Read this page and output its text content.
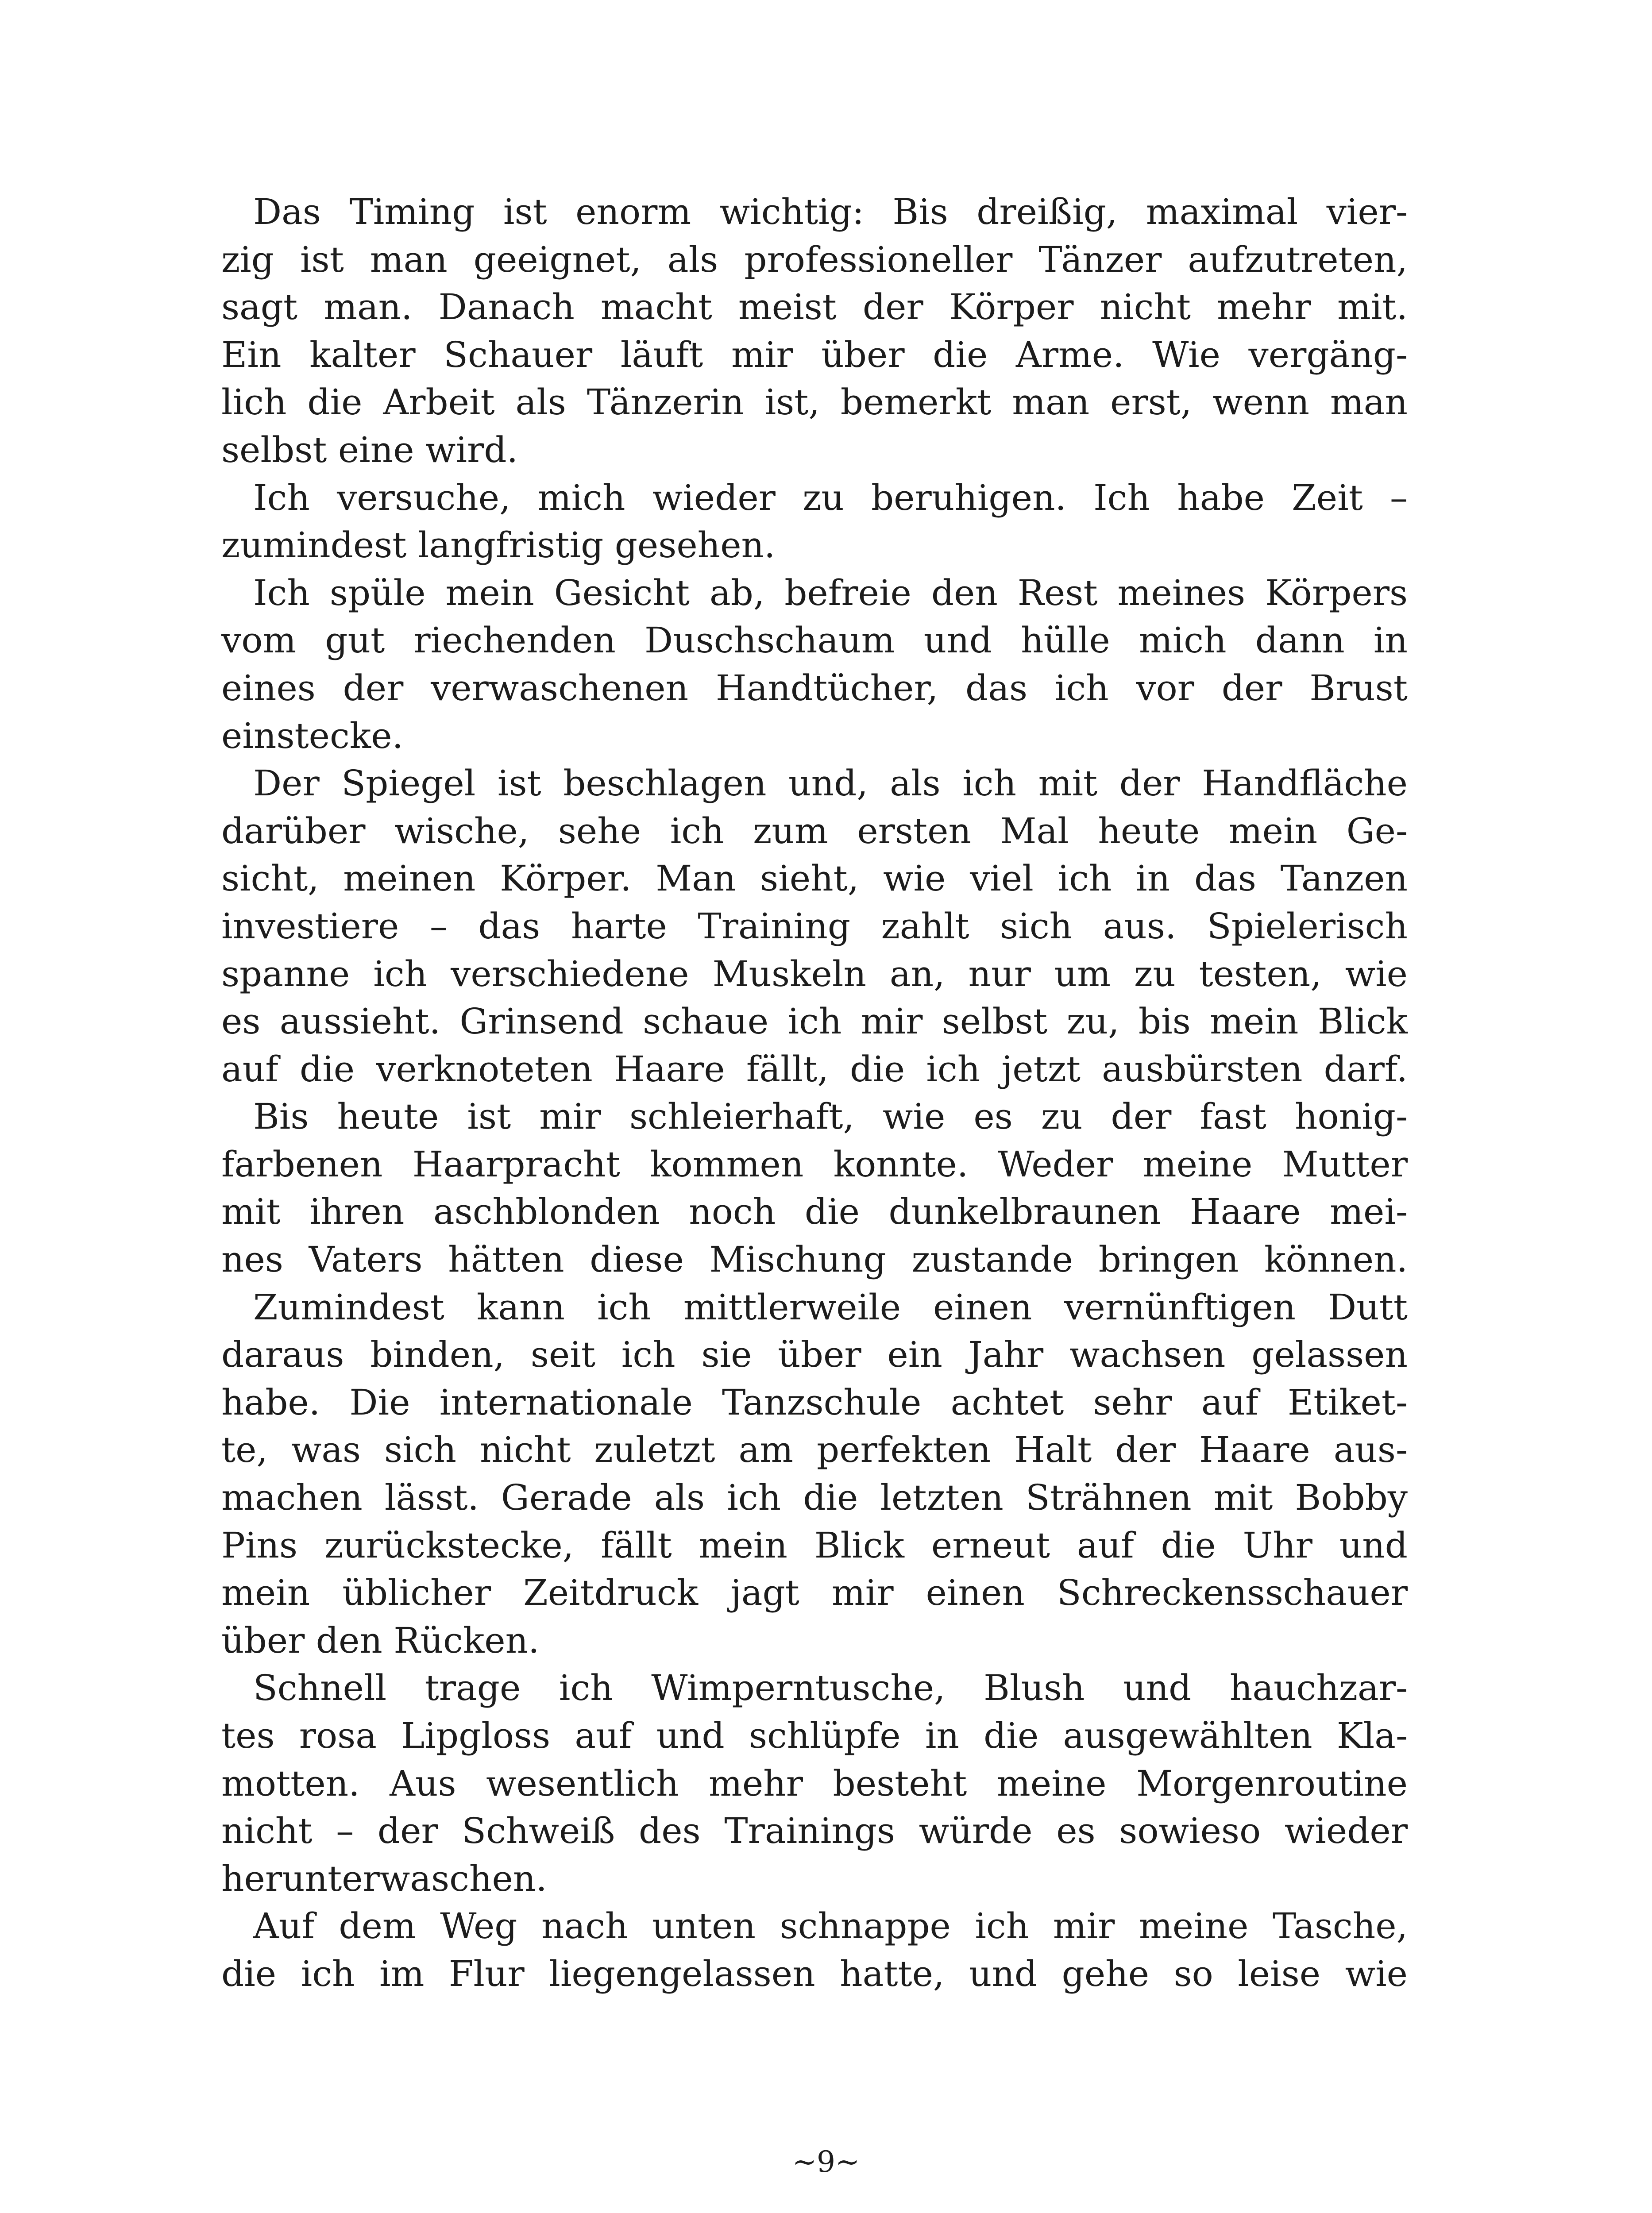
Das Timing ist enorm wichtig: Bis dreißig, maximal vier-
zig ist man geeignet, als professioneller Tänzer aufzutreten,
sagt man. Danach macht meist der Körper nicht mehr mit.
Ein kalter Schauer läuft mir über die Arme. Wie vergäng-
lich die Arbeit als Tänzerin ist, bemerkt man erst, wenn man
selbst eine wird.
Ich versuche, mich wieder zu beruhigen. Ich habe Zeit –
zumindest langfristig gesehen.
Ich spüle mein Gesicht ab, befreie den Rest meines Körpers
vom gut riechenden Duschschaum und hülle mich dann in
eines der verwaschenen Handtücher, das ich vor der Brust
einstecke.
Der Spiegel ist beschlagen und, als ich mit der Handfläche
darüber wische, sehe ich zum ersten Mal heute mein Ge-
sicht, meinen Körper. Man sieht, wie viel ich in das Tanzen
investiere – das harte Training zahlt sich aus. Spielerisch
spanne ich verschiedene Muskeln an, nur um zu testen, wie
es aussieht. Grinsend schaue ich mir selbst zu, bis mein Blick
auf die verknoteten Haare fällt, die ich jetzt ausbürsten darf.
Bis heute ist mir schleierhaft, wie es zu der fast honig-
farbenen Haarpracht kommen konnte. Weder meine Mutter
mit ihren aschblonden noch die dunkelbraunen Haare mei-
nes Vaters hätten diese Mischung zustande bringen können.
Zumindest kann ich mittlerweile einen vernünftigen Dutt
daraus binden, seit ich sie über ein Jahr wachsen gelassen
habe. Die internationale Tanzschule achtet sehr auf Etiket-
te, was sich nicht zuletzt am perfekten Halt der Haare aus-
machen lässt. Gerade als ich die letzten Strähnen mit Bobby
Pins zurückstecke, fällt mein Blick erneut auf die Uhr und
mein üblicher Zeitdruck jagt mir einen Schreckensschauer
über den Rücken.
Schnell trage ich Wimperntusche, Blush und hauchzar-
tes rosa Lipgloss auf und schlüpfe in die ausgewählten Kla-
motten. Aus wesentlich mehr besteht meine Morgenroutine
nicht – der Schweiß des Trainings würde es sowieso wieder
herunterwaschen.
Auf dem Weg nach unten schnappe ich mir meine Tasche,
die ich im Flur liegengelassen hatte, und gehe so leise wie
~9~
